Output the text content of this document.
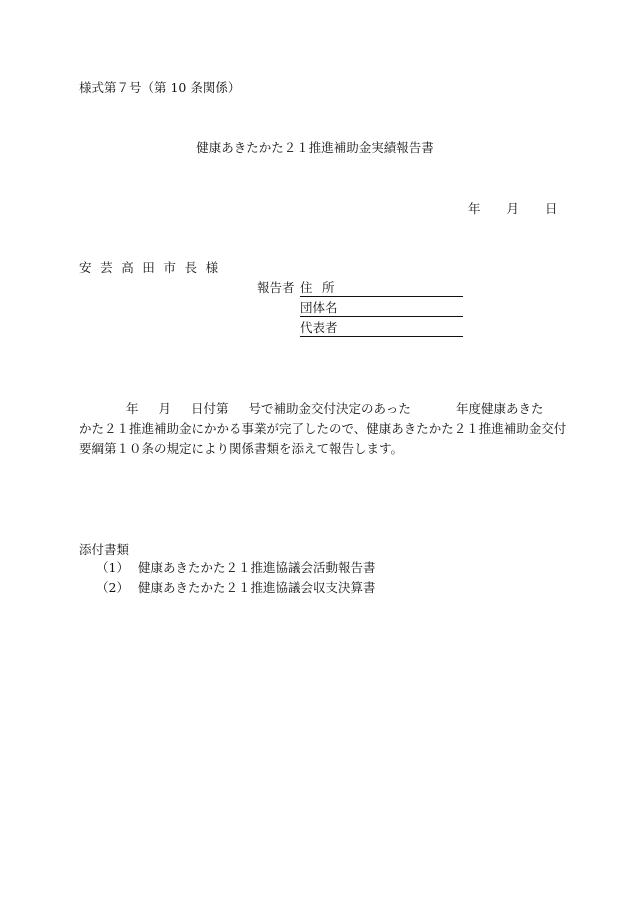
様式第７号（第 10 条関係）
健康あきたかた２１推進補助金実績報告書
年 月 日
安芸高田市長様
報告者 住 所
団体名
代表者
年 月 日付第 号で補助金交付決定のあった	年度健康あきた
かた２１推進補助金にかかる事業が完了したので、健康あきたかた２１推進補助金交付
要綱第１０条の規定により関係書類を添えて報告します。
添付書類
（1） 健康あきたかた２１推進協議会活動報告書
（2） 健康あきたかた２１推進協議会収支決算書
